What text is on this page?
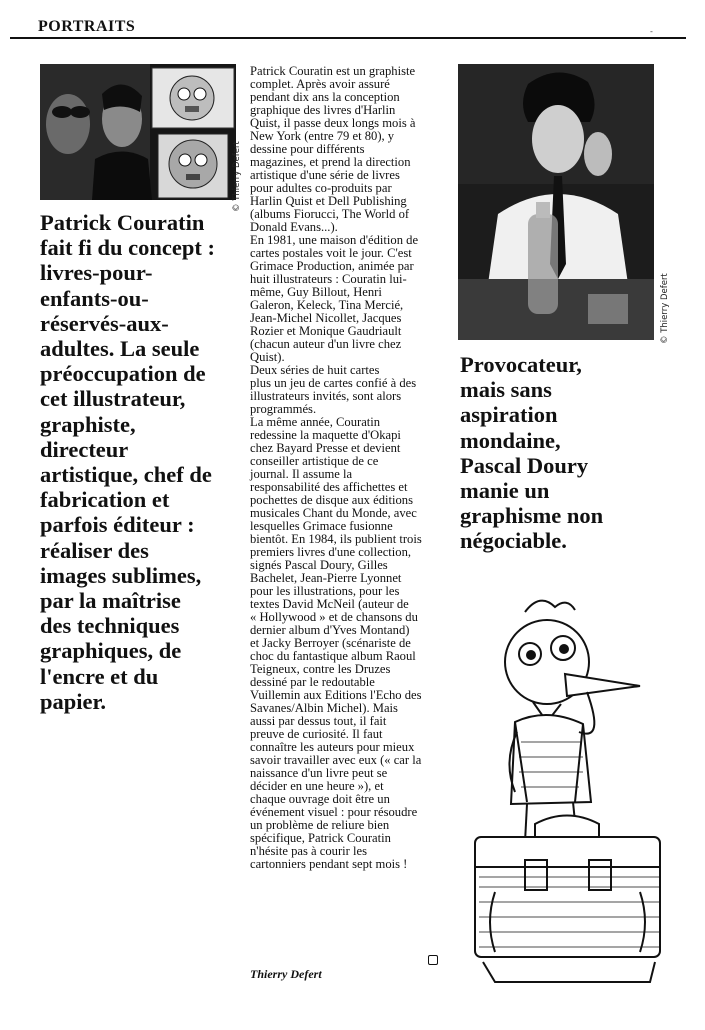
PORTRAITS	-
© Thierry Defert
© Thierry Defert
Patrick Couratin
fait fi du concept :
livres-pour-
enfants-ou-
réservés-aux-
adultes. La seule
préoccupation de
cet illustrateur,
graphiste,
directeur
artistique, chef de
fabrication et
parfois éditeur :
réaliser des
images sublimes,
par la maîtrise
des techniques
graphiques, de
l'encre et du
papier.

Patrick Couratin est un graphiste
complet. Après avoir assuré
pendant dix ans la conception
graphique des livres d'Harlin
Quist, il passe deux longs mois à
New York (entre 79 et 80), y
dessine pour différents
magazines, et prend la direction
artistique d'une série de livres
pour adultes co-produits par
Harlin Quist et Dell Publishing
(albums Fiorucci, The World of
Donald Evans...).

En 1981, une maison d'édition de
cartes postales voit le jour. C'est
Grimace Production, animée par
huit illustrateurs : Couratin lui-
même, Guy Billout, Henri
Galeron, Keleck, Tina Mercié,
Jean-Michel Nicollet, Jacques
Rozier et Monique Gaudriault
(chacun auteur d'un livre chez
Quist).

Deux séries de huit cartes
plus un jeu de cartes confié à des
illustrateurs invités, sont alors
programmés.

La même année, Couratin
redessine la maquette d'Okapi
chez Bayard Presse et devient
conseiller artistique de ce
journal. Il assume la
responsabilité des affichettes et
pochettes de disque aux éditions
musicales Chant du Monde, avec
lesquelles Grimace fusionne
bientôt. En 1984, ils publient trois
premiers livres d'une collection,
signés Pascal Doury, Gilles
Bachelet, Jean-Pierre Lyonnet
pour les illustrations, pour les
textes David McNeil (auteur de
« Hollywood » et de chansons du
dernier album d'Yves Montand)
et Jacky Berroyer (scénariste de
choc du fantastique album Raoul
Teigneux, contre les Druzes
dessiné par le redoutable
Vuillemin aux Editions l'Echo des
Savanes/Albin Michel). Mais
aussi par dessus tout, il fait
preuve de curiosité. Il faut
connaître les auteurs pour mieux
savoir travailler avec eux (« car la
naissance d'un livre peut se
décider en une heure »), et
chaque ouvrage doit être un
événement visuel : pour résoudre
un problème de reliure bien
spécifique, Patrick Couratin
n'hésite pas à courir les
cartonniers pendant sept mois !

Thierry Defert

Provocateur,
mais sans
aspiration
mondaine,
Pascal Doury
manie un
graphisme non
négociable.
